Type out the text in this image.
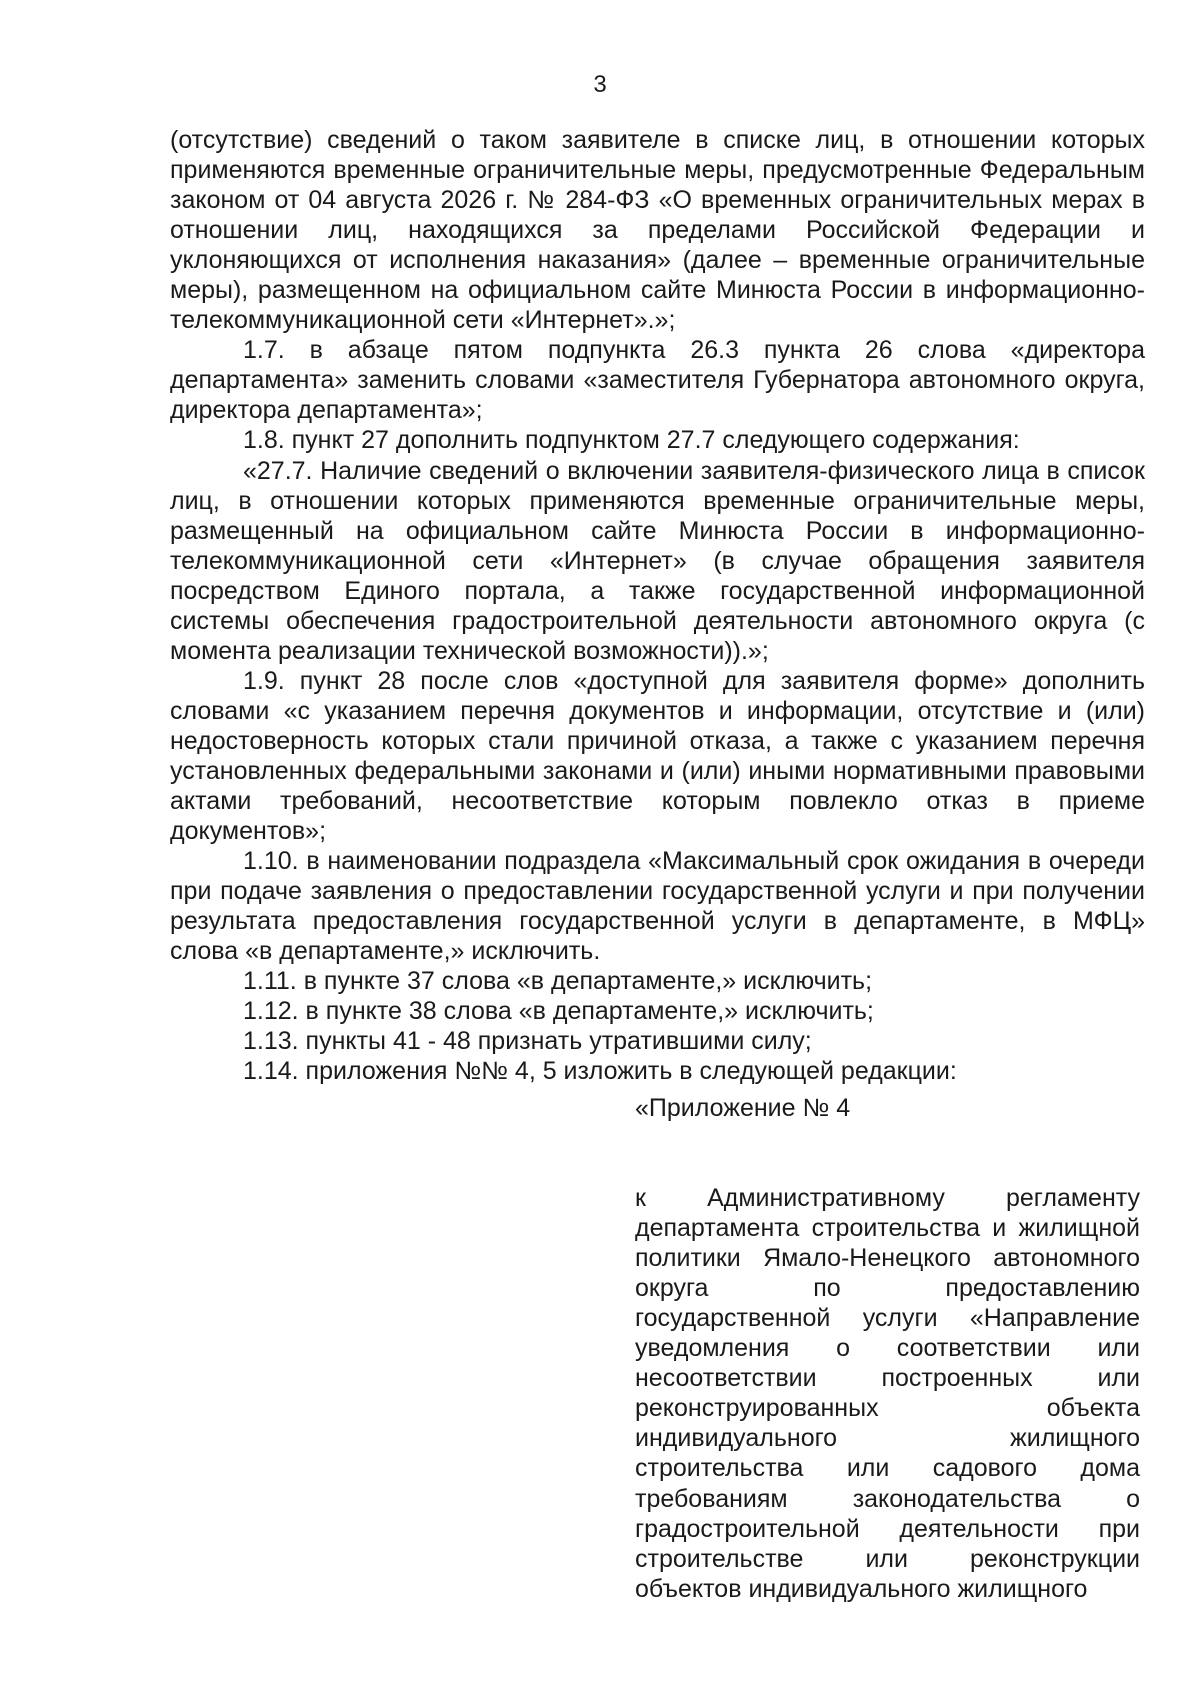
3

(отсутствие) сведений о таком заявителе в списке лиц, в отношении которых применяются временные ограничительные меры, предусмотренные Федеральным законом от 04 августа 2026 г. № 284-ФЗ «О временных ограничительных мерах в отношении лиц, находящихся за пределами Российской Федерации и уклоняющихся от исполнения наказания» (далее – временные ограничительные меры), размещенном на официальном сайте Минюста России в информационно-телекоммуникационной сети «Интернет».»;

1.7. в абзаце пятом подпункта 26.3 пункта 26 слова «директора департамента» заменить словами «заместителя Губернатора автономного округа, директора департамента»;

1.8. пункт 27 дополнить подпунктом 27.7 следующего содержания:

«27.7. Наличие сведений о включении заявителя-физического лица в список лиц, в отношении которых применяются временные ограничительные меры, размещенный на официальном сайте Минюста России в информационно-телекоммуникационной сети «Интернет» (в случае обращения заявителя посредством Единого портала, а также государственной информационной системы обеспечения градостроительной деятельности автономного округа (с момента реализации технической возможности)).»;

1.9. пункт 28 после слов «доступной для заявителя форме» дополнить словами «с указанием перечня документов и информации, отсутствие и (или) недостоверность которых стали причиной отказа, а также с указанием перечня установленных федеральными законами и (или) иными нормативными правовыми актами требований, несоответствие которым повлекло отказ в приеме документов»;

1.10. в наименовании подраздела «Максимальный срок ожидания в очереди при подаче заявления о предоставлении государственной услуги и при получении результата предоставления государственной услуги в департаменте, в МФЦ» слова «в департаменте,» исключить.

1.11. в пункте 37 слова «в департаменте,» исключить;

1.12. в пункте 38 слова «в департаменте,» исключить;

1.13. пункты 41 - 48 признать утратившими силу;

1.14. приложения №№ 4, 5 изложить в следующей редакции:

«Приложение № 4

к Административному регламенту департамента строительства и жилищной политики Ямало-Ненецкого автономного округа по предоставлению государственной услуги «Направление уведомления о соответствии или несоответствии построенных или реконструированных объекта индивидуального жилищного строительства или садового дома требованиям законодательства о градостроительной деятельности при строительстве или реконструкции объектов индивидуального жилищного
